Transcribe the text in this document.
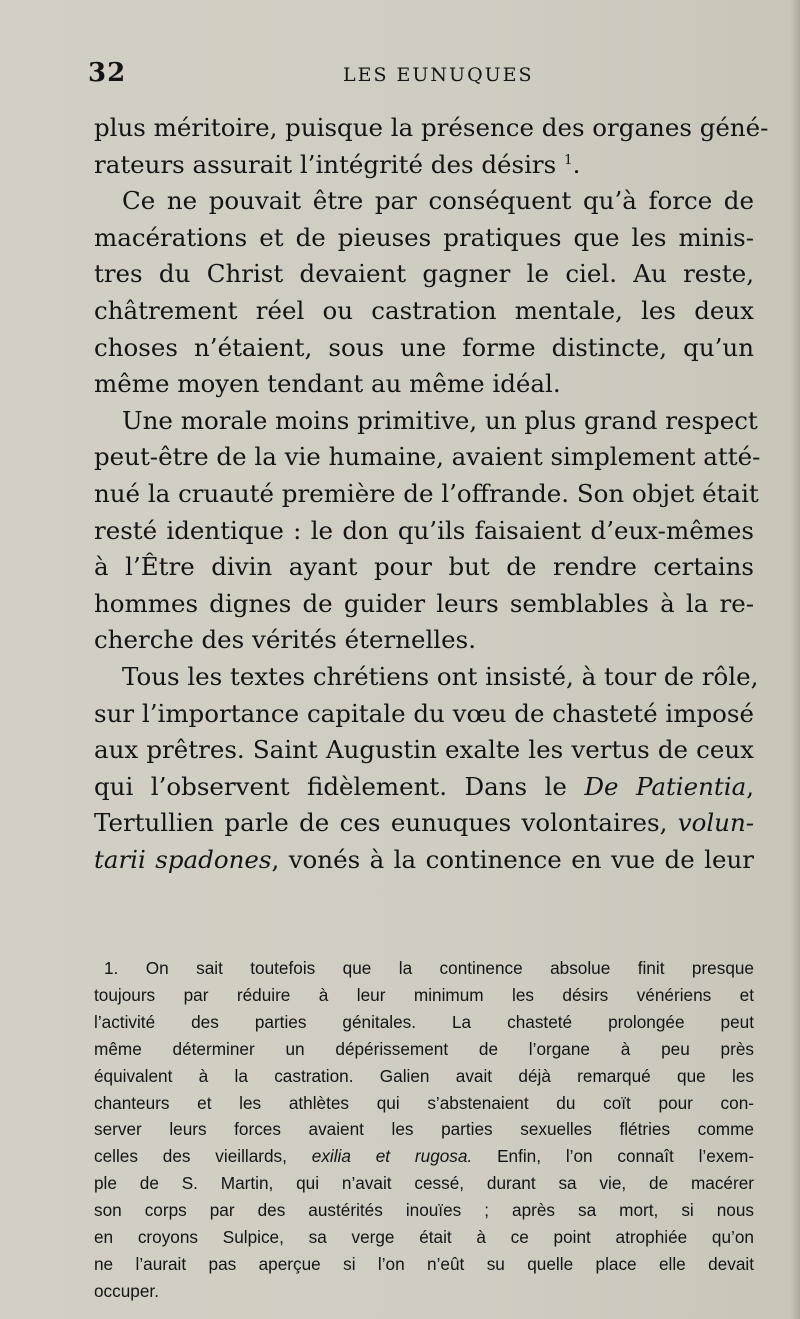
32	LES EUNUQUES
plus méritoire, puisque la présence des organes géné-
rateurs assurait l’intégrité des désirs $^1$.
Ce ne pouvait être par conséquent qu’à force de
macérations et de pieuses pratiques que les minis-
tres du Christ devaient gagner le ciel. Au reste,
châtrement réel ou castration mentale, les deux
choses n’étaient, sous une forme distincte, qu’un
même moyen tendant au même idéal.
Une morale moins primitive, un plus grand respect
peut-être de la vie humaine, avaient simplement atté-
nué la cruauté première de l’offrande. Son objet était
resté identique : le don qu’ils faisaient d’eux-mêmes
à l’Être divin ayant pour but de rendre certains
hommes dignes de guider leurs semblables à la re-
cherche des vérités éternelles.
Tous les textes chrétiens ont insisté, à tour de rôle,
sur l’importance capitale du vœu de chasteté imposé
aux prêtres. Saint Augustin exalte les vertus de ceux
qui l’observent fidèlement. Dans le De Patientia,
Tertullien parle de ces eunuques volontaires, volun-
tarii spadones, vonés à la continence en vue de leur
1. On sait toutefois que la continence absolue finit presque
toujours par réduire à leur minimum les désirs vénériens et
l’activité des parties génitales. La chasteté prolongée peut
même déterminer un dépérissement de l’organe à peu près
équivalent à la castration. Galien avait déjà remarqué que les
chanteurs et les athlètes qui s’abstenaient du coït pour con-
server leurs forces avaient les parties sexuelles flétries comme
celles des vieillards, exilia et rugosa. Enfin, l’on connaît l’exem-
ple de S. Martin, qui n’avait cessé, durant sa vie, de macérer
son corps par des austérités inouïes ; après sa mort, si nous
en croyons Sulpice, sa verge était à ce point atrophiée qu’on
ne l’aurait pas aperçue si l’on n’eût su quelle place elle devait
occuper.
